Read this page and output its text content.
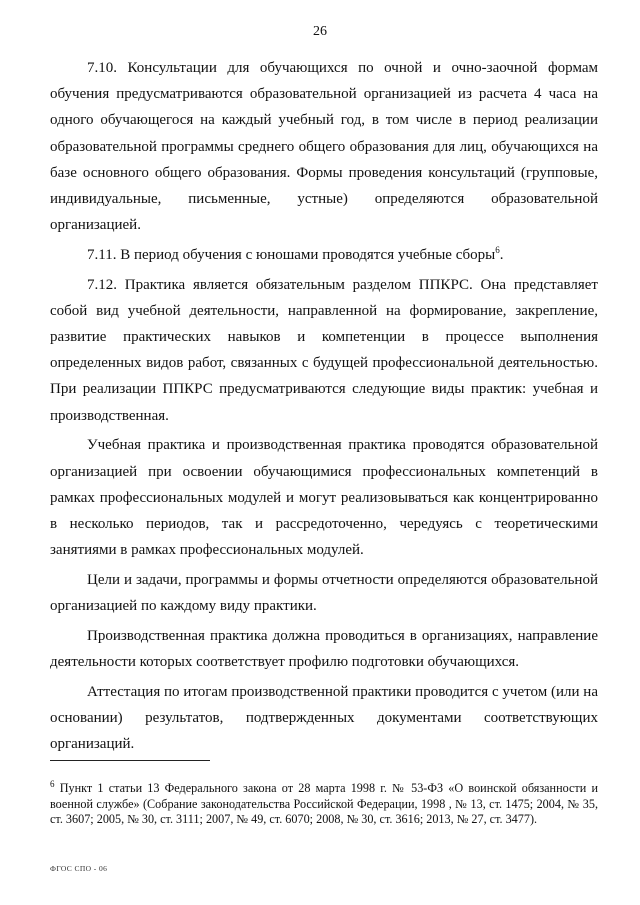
26

7.10. Консультации для обучающихся по очной и очно-заочной формам обучения предусматриваются образовательной организацией из расчета 4 часа на одного обучающегося на каждый учебный год, в том числе в период реализации образовательной программы среднего общего образования для лиц, обучающихся на базе основного общего образования. Формы проведения консультаций (групповые, индивидуальные, письменные, устные) определяются образовательной организацией.

7.11. В период обучения с юношами проводятся учебные сборы$^6$.

7.12. Практика является обязательным разделом ППКРС. Она представляет собой вид учебной деятельности, направленной на формирование, закрепление, развитие практических навыков и компетенции в процессе выполнения определенных видов работ, связанных с будущей профессиональной деятельностью. При реализации ППКРС предусматриваются следующие виды практик: учебная и производственная.

Учебная практика и производственная практика проводятся образовательной организацией при освоении обучающимися профессиональных компетенций в рамках профессиональных модулей и могут реализовываться как концентрированно в несколько периодов, так и рассредоточенно, чередуясь с теоретическими занятиями в рамках профессиональных модулей.

Цели и задачи, программы и формы отчетности определяются образовательной организацией по каждому виду практики.

Производственная практика должна проводиться в организациях, направление деятельности которых соответствует профилю подготовки обучающихся.

Аттестация по итогам производственной практики проводится с учетом (или на основании) результатов, подтвержденных документами соответствующих организаций.

$^6$ Пункт 1 статьи 13 Федерального закона от 28 марта 1998 г. № 53-ФЗ «О воинской обязанности и военной службе» (Собрание законодательства Российской Федерации, 1998 , № 13, ст. 1475; 2004, № 35, ст. 3607; 2005, № 30, ст. 3111; 2007, № 49, ст. 6070; 2008, № 30, ст. 3616; 2013, № 27, ст. 3477).

ФГОС СПО - 06
